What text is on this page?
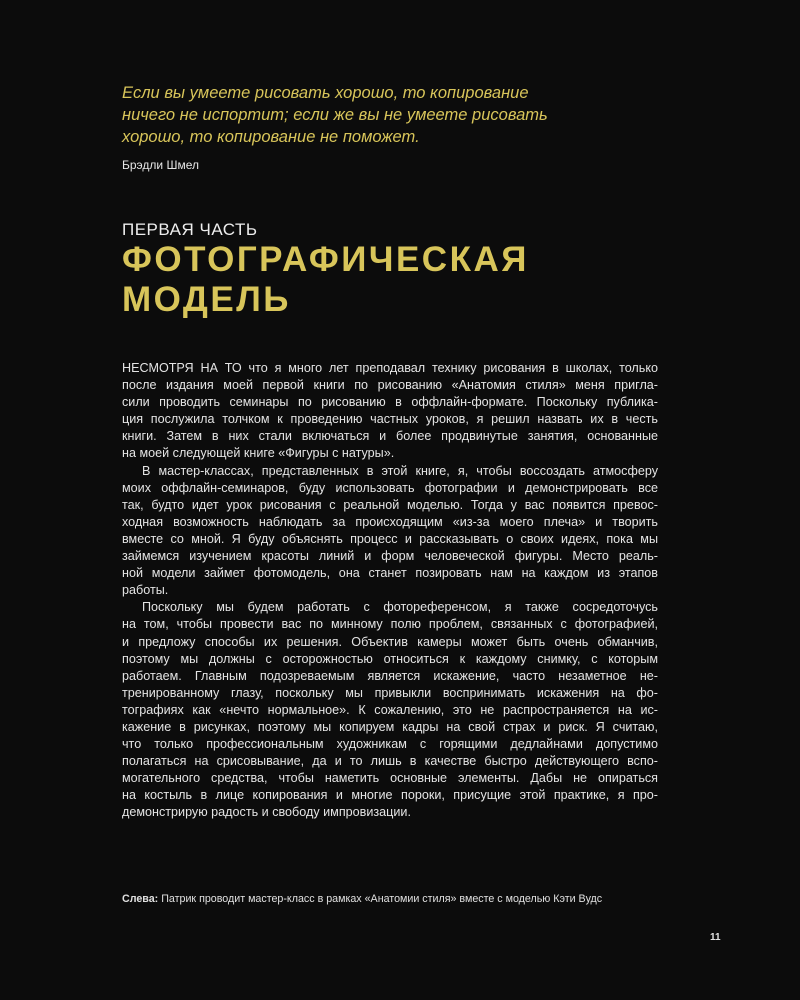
Если вы умеете рисовать хорошо, то копирование
ничего не испортит; если же вы не умеете рисовать
хорошо, то копирование не поможет.
Брэдли Шмел
ПЕРВАЯ ЧАСТЬ
ФОТОГРАФИЧЕСКАЯ
МОДЕЛЬ
НЕСМОТРЯ НА ТО что я много лет преподавал технику рисования в школах, только
после издания моей первой книги по рисованию «Анатомия стиля» меня пригла-
сили проводить семинары по рисованию в оффлайн-формате. Поскольку публика-
ция послужила толчком к проведению частных уроков, я решил назвать их в честь
книги. Затем в них стали включаться и более продвинутые занятия, основанные
на моей следующей книге «Фигуры с натуры».
В мастер-классах, представленных в этой книге, я, чтобы воссоздать атмосферу
моих оффлайн-семинаров, буду использовать фотографии и демонстрировать все
так, будто идет урок рисования с реальной моделью. Тогда у вас появится превос-
ходная возможность наблюдать за происходящим «из-за моего плеча» и творить
вместе со мной. Я буду объяснять процесс и рассказывать о своих идеях, пока мы
займемся изучением красоты линий и форм человеческой фигуры. Место реаль-
ной модели займет фотомодель, она станет позировать нам на каждом из этапов
работы.
Поскольку мы будем работать с фотореференсом, я также сосредоточусь
на том, чтобы провести вас по минному полю проблем, связанных с фотографией,
и предложу способы их решения. Объектив камеры может быть очень обманчив,
поэтому мы должны с осторожностью относиться к каждому снимку, с которым
работаем. Главным подозреваемым является искажение, часто незаметное не-
тренированному глазу, поскольку мы привыкли воспринимать искажения на фо-
тографиях как «нечто нормальное». К сожалению, это не распространяется на ис-
кажение в рисунках, поэтому мы копируем кадры на свой страх и риск. Я считаю,
что только профессиональным художникам с горящими дедлайнами допустимо
полагаться на срисовывание, да и то лишь в качестве быстро действующего вспо-
могательного средства, чтобы наметить основные элементы. Дабы не опираться
на костыль в лице копирования и многие пороки, присущие этой практике, я про-
демонстрирую радость и свободу импровизации.
Слева: Патрик проводит мастер-класс в рамках «Анатомии стиля» вместе с моделью Кэти Вудс
11
